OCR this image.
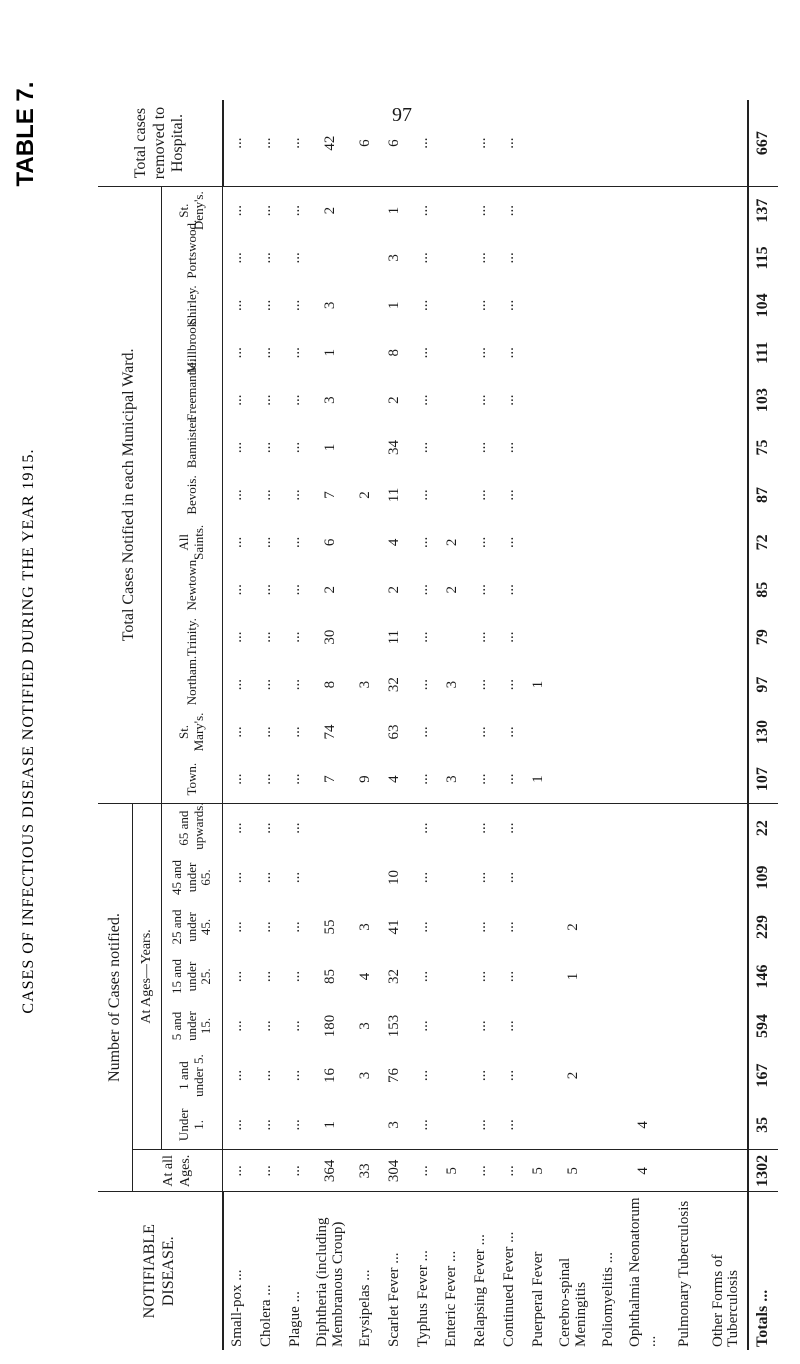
97
TABLE 7.
CASES OF INFECTIOUS DISEASE NOTIFIED DURING THE YEAR 1915.
NOTIFIABLE DISEASE.	Number of Cases notified.								Total Cases Notified in each Municipal Ward.													Total cases removed to Hospital.
	At all Ages.	At Ages—Years.																				
		Under 1.	1 and under 5.	5 and under 15.	15 and under 25.	25 and under 45.	45 and under 65.	65 and upwards.	Town.	St. Mary's.	Northam.	Trinity.	Newtown.	All Saints.	Bevois.	Bannister.	Freemantle.	Millbrook.	Shirley.	Portswood.	St. Deny's.	
Small-pox ...	...	...	...	...	...	...	...	...	...	...	...	...	...	...	...	...	...	...	...	...	...	...
Cholera ...	...	...	...	...	...	...	...	...	...	...	...	...	...	...	...	...	...	...	...	...	...	...
Plague ...	...	...	...	...	...	...	...	...	...	...	...	...	...	...	...	...	...	...	...	...	...	...
Diphtheria (including Membranous Croup)	364	1	16	180	85	55			7	74	8	30	2	6	7	1	3	1	3		2	42
Erysipelas ...	33		3	3	4	3			9		3				2							6
Scarlet Fever ...	304	3	76	153	32	41	10		4	63	32	11	2	4	11	34	2	8	1	3	1	6
Typhus Fever ...	...	...	...	...	...	...	...	...	...	...	...	...	...	...	...	...	...	...	...	...	...	...
Enteric Fever ...	5								3		3		2	2								
Relapsing Fever ...	...	...	...	...	...	...	...	...	...	...	...	...	...	...	...	...	...	...	...	...	...	...
Continued Fever ...	...	...	...	...	...	...	...	...	...	...	...	...	...	...	...	...	...	...	...	...	...	...
Puerperal Fever	5								1		1											
Cerebro-spinal Meningitis	5		2		1	2																
Poliomyelitis ...																						
Ophthalmia Neonatorum ...	4	4																				
Pulmonary Tuberculosis																						
Other Forms of Tuberculosis																						
Totals ...	1302	35	167	594	146	229	109	22	107	130	97	79	85	72	87	75	103	111	104	115	137	667
